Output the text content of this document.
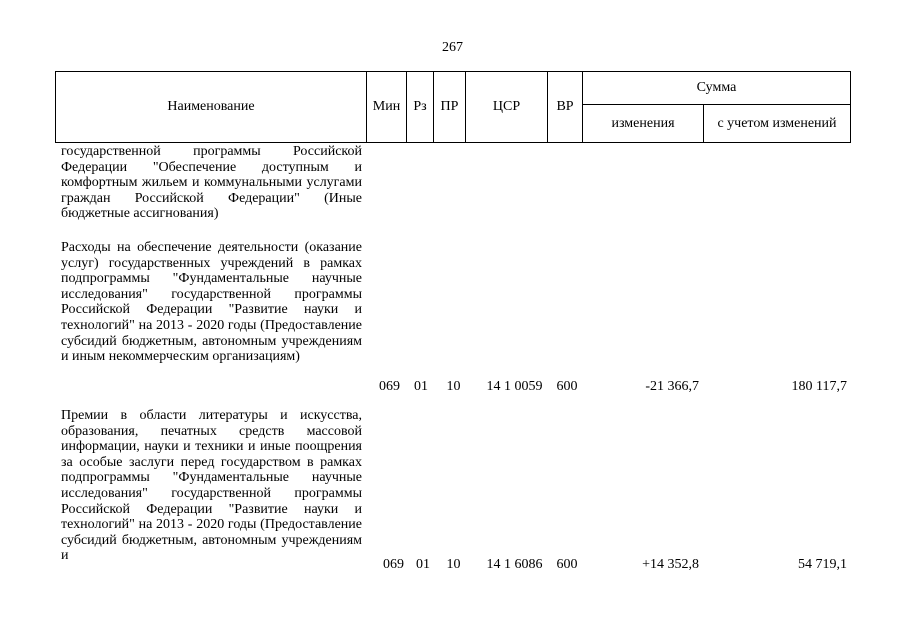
267
Наименование	Мин Рз ПР	ЦСР	ВР
Сумма
изменения	с учетом изменений
государственной программы Российской Федерации "Обеспечение доступным и комфортным жильем и коммунальными услугами граждан Российской Федерации" (Иные бюджетные ассигнования)
Расходы на обеспечение деятельности (оказание услуг) государственных учреждений в рамках подпрограммы "Фундаментальные научные исследования" государственной программы Российской Федерации "Развитие науки и технологий" на 2013 - 2020 годы (Предоставление субсидий бюджетным, автономным учреждениям и иным некоммерческим организациям)
069	01	10	14 1 0059	600	-21 366,7	180 117,7
Премии в области литературы и искусства, образования, печатных средств массовой информации, науки и техники и иные поощрения за особые заслуги перед государством в рамках подпрограммы "Фундаментальные научные исследования" государственной программы Российской Федерации "Развитие науки и технологий" на 2013 - 2020 годы (Предоставление субсидий бюджетным, автономным учреждениям и
069 01	10	14 1 6086	600	+14 352,8	54 719,1
